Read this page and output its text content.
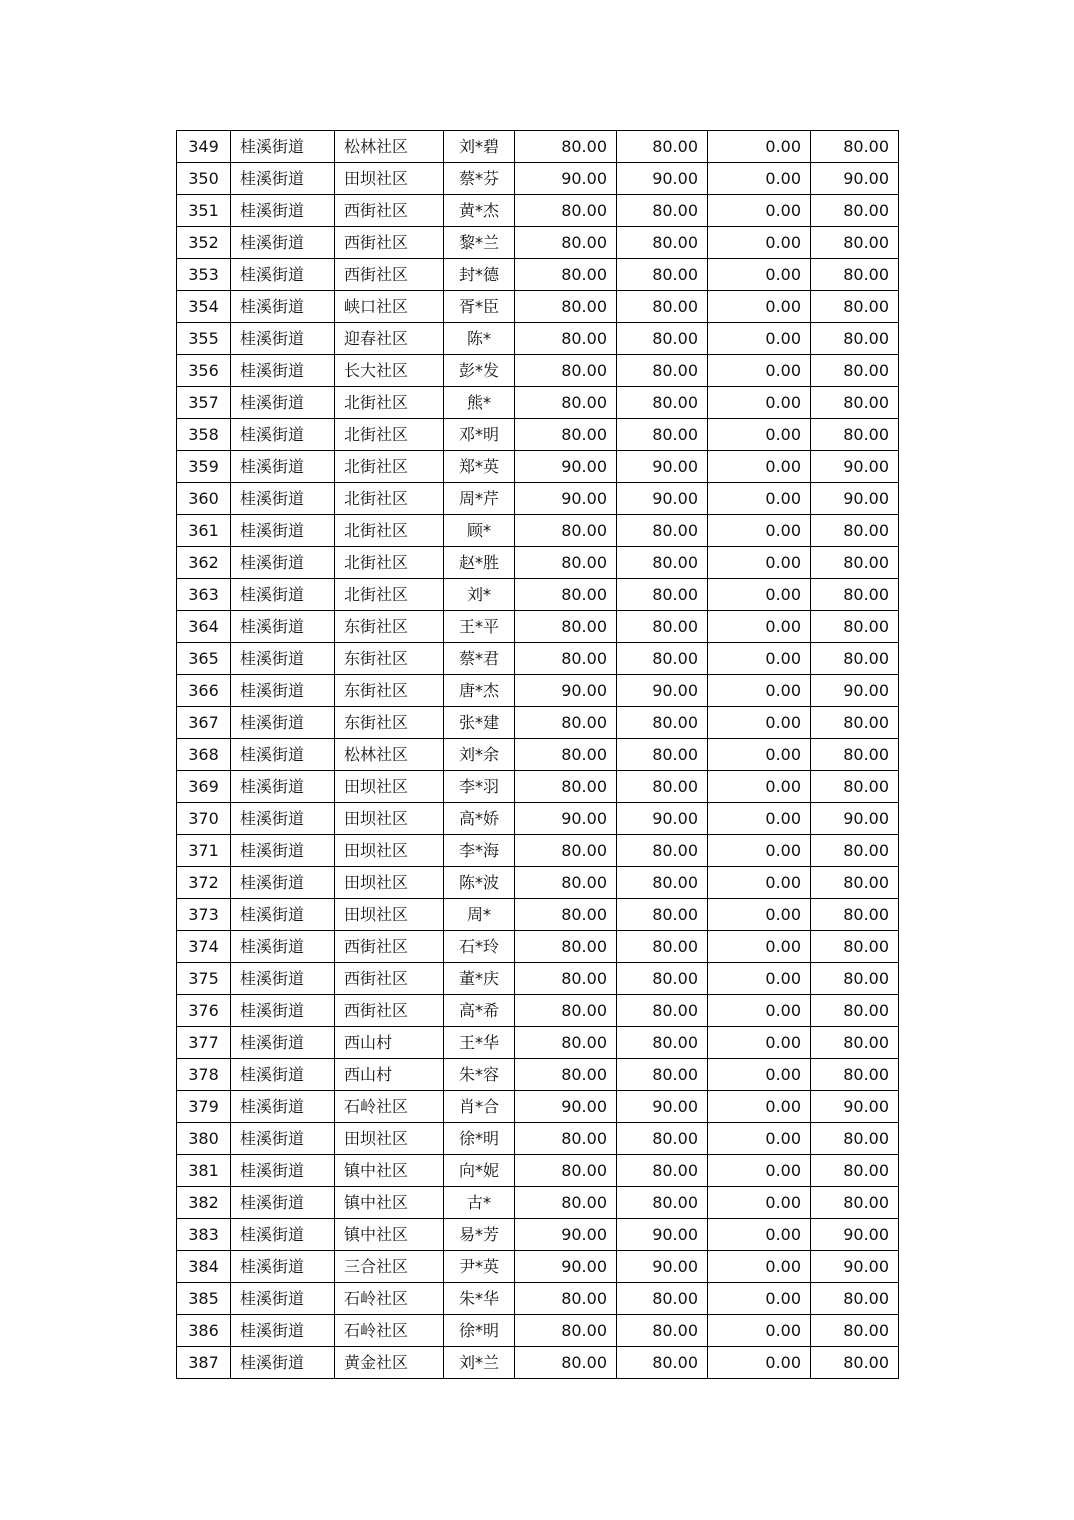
349	桂溪街道	松林社区	刘*碧	80.00	80.00	0.00	80.00
350	桂溪街道	田坝社区	蔡*芬	90.00	90.00	0.00	90.00
351	桂溪街道	西街社区	黄*杰	80.00	80.00	0.00	80.00
352	桂溪街道	西街社区	黎*兰	80.00	80.00	0.00	80.00
353	桂溪街道	西街社区	封*德	80.00	80.00	0.00	80.00
354	桂溪街道	峡口社区	胥*臣	80.00	80.00	0.00	80.00
355	桂溪街道	迎春社区	陈*	80.00	80.00	0.00	80.00
356	桂溪街道	长大社区	彭*发	80.00	80.00	0.00	80.00
357	桂溪街道	北街社区	熊*	80.00	80.00	0.00	80.00
358	桂溪街道	北街社区	邓*明	80.00	80.00	0.00	80.00
359	桂溪街道	北街社区	郑*英	90.00	90.00	0.00	90.00
360	桂溪街道	北街社区	周*芹	90.00	90.00	0.00	90.00
361	桂溪街道	北街社区	顾*	80.00	80.00	0.00	80.00
362	桂溪街道	北街社区	赵*胜	80.00	80.00	0.00	80.00
363	桂溪街道	北街社区	刘*	80.00	80.00	0.00	80.00
364	桂溪街道	东街社区	王*平	80.00	80.00	0.00	80.00
365	桂溪街道	东街社区	蔡*君	80.00	80.00	0.00	80.00
366	桂溪街道	东街社区	唐*杰	90.00	90.00	0.00	90.00
367	桂溪街道	东街社区	张*建	80.00	80.00	0.00	80.00
368	桂溪街道	松林社区	刘*余	80.00	80.00	0.00	80.00
369	桂溪街道	田坝社区	李*羽	80.00	80.00	0.00	80.00
370	桂溪街道	田坝社区	高*娇	90.00	90.00	0.00	90.00
371	桂溪街道	田坝社区	李*海	80.00	80.00	0.00	80.00
372	桂溪街道	田坝社区	陈*波	80.00	80.00	0.00	80.00
373	桂溪街道	田坝社区	周*	80.00	80.00	0.00	80.00
374	桂溪街道	西街社区	石*玲	80.00	80.00	0.00	80.00
375	桂溪街道	西街社区	董*庆	80.00	80.00	0.00	80.00
376	桂溪街道	西街社区	高*希	80.00	80.00	0.00	80.00
377	桂溪街道	西山村	王*华	80.00	80.00	0.00	80.00
378	桂溪街道	西山村	朱*容	80.00	80.00	0.00	80.00
379	桂溪街道	石岭社区	肖*合	90.00	90.00	0.00	90.00
380	桂溪街道	田坝社区	徐*明	80.00	80.00	0.00	80.00
381	桂溪街道	镇中社区	向*妮	80.00	80.00	0.00	80.00
382	桂溪街道	镇中社区	古*	80.00	80.00	0.00	80.00
383	桂溪街道	镇中社区	易*芳	90.00	90.00	0.00	90.00
384	桂溪街道	三合社区	尹*英	90.00	90.00	0.00	90.00
385	桂溪街道	石岭社区	朱*华	80.00	80.00	0.00	80.00
386	桂溪街道	石岭社区	徐*明	80.00	80.00	0.00	80.00
387	桂溪街道	黄金社区	刘*兰	80.00	80.00	0.00	80.00
